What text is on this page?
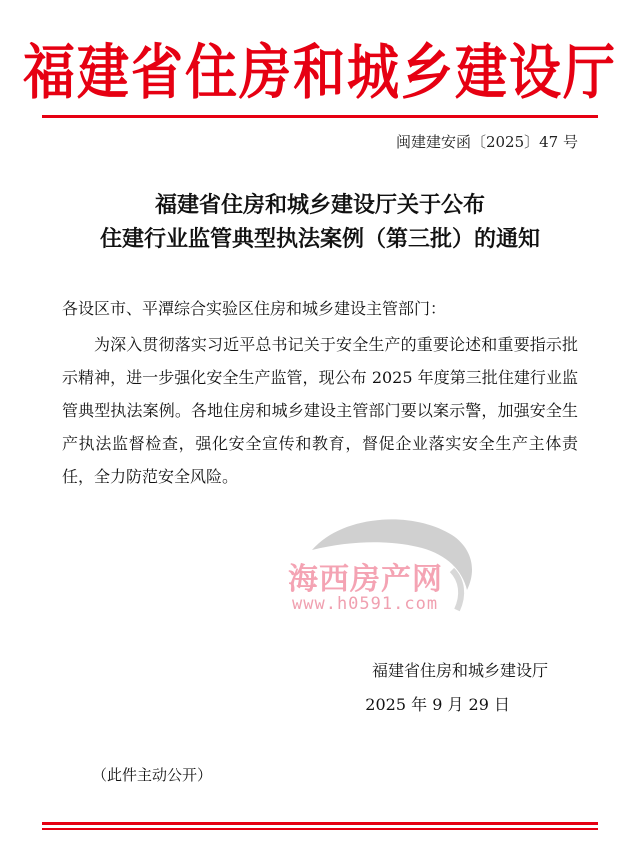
福建省住房和城乡建设厅
闽建建安函〔2025〕47 号
福建省住房和城乡建设厅关于公布
住建行业监管典型执法案例（第三批）的通知
各设区市、平潭综合实验区住房和城乡建设主管部门：
为深入贯彻落实习近平总书记关于安全生产的重要论述和重要指示批示精神，进一步强化安全生产监管，现公布 2025 年度第三批住建行业监管典型执法案例。各地住房和城乡建设主管部门要以案示警，加强安全生产执法监督检查，强化安全宣传和教育，督促企业落实安全生产主体责任，全力防范安全风险。
海西房产网
www.h0591.com
福建省住房和城乡建设厅
2025 年 9 月 29 日
（此件主动公开）
